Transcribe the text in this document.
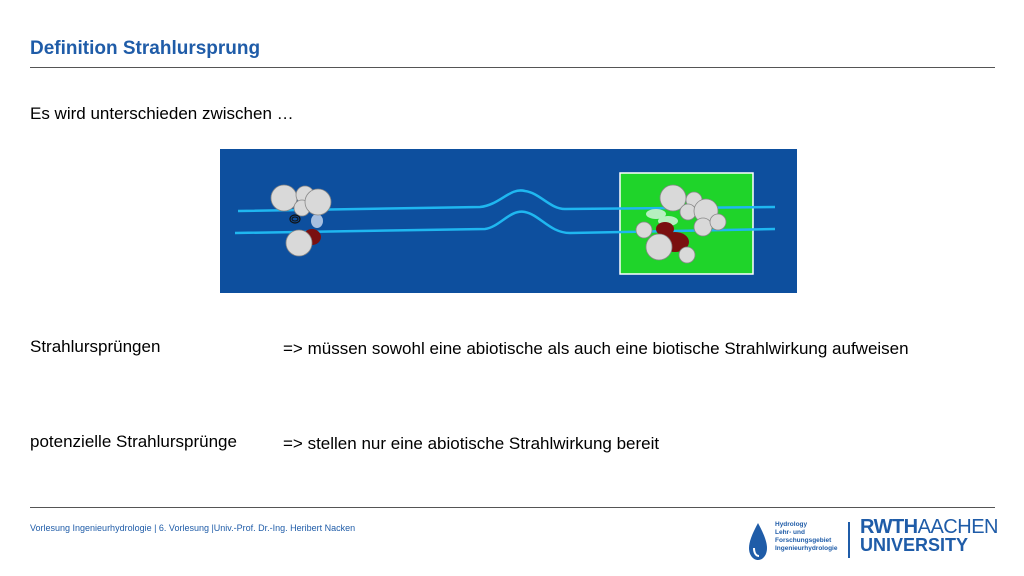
Definition Strahlursprung
Es wird unterschieden zwischen …
Strahlursprüngen	=> müssen sowohl eine abiotische als auch eine biotische Strahlwirkung aufweisen
potenzielle Strahlursprünge	=> stellen nur eine abiotische Strahlwirkung bereit
Vorlesung Ingenieurhydrologie | 6. Vorlesung |Univ.-Prof. Dr.-Ing. Heribert Nacken	Hydrology
Lehr- und
Forschungsgebiet
Ingenieurhydrologie
RWTHAACHEN
UNIVERSITY
